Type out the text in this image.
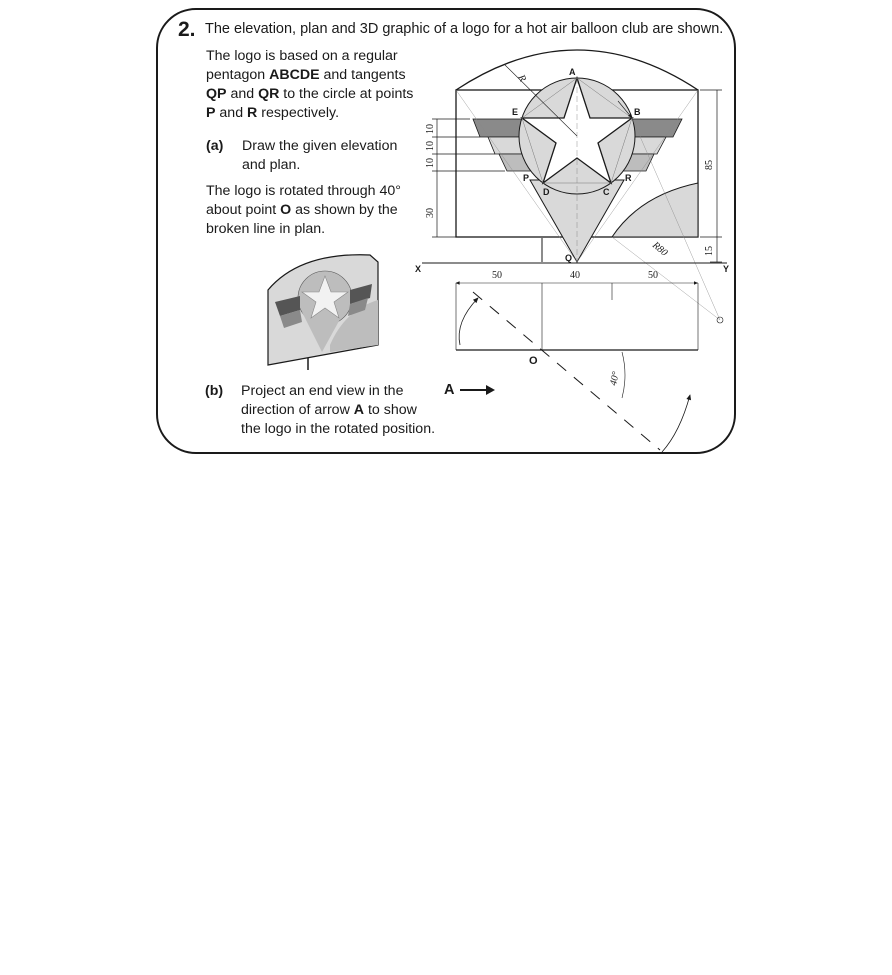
2. The elevation, plan and 3D graphic of a logo for a hot air balloon club are shown.
The logo is based on a regular pentagon ABCDE and tangents QP and QR to the circle at points P and R respectively.
(a) Draw the given elevation
and plan.
The logo is rotated through 40° about point O as shown by the broken line in plan.
(b) Project an end view in the
direction of arrow A to show
the logo in the rotated position.
A
R
R80
85
15
30
10
10
10
50	40	50
40°
A
B
C
D
E
P
Q
R
O
X	Y
